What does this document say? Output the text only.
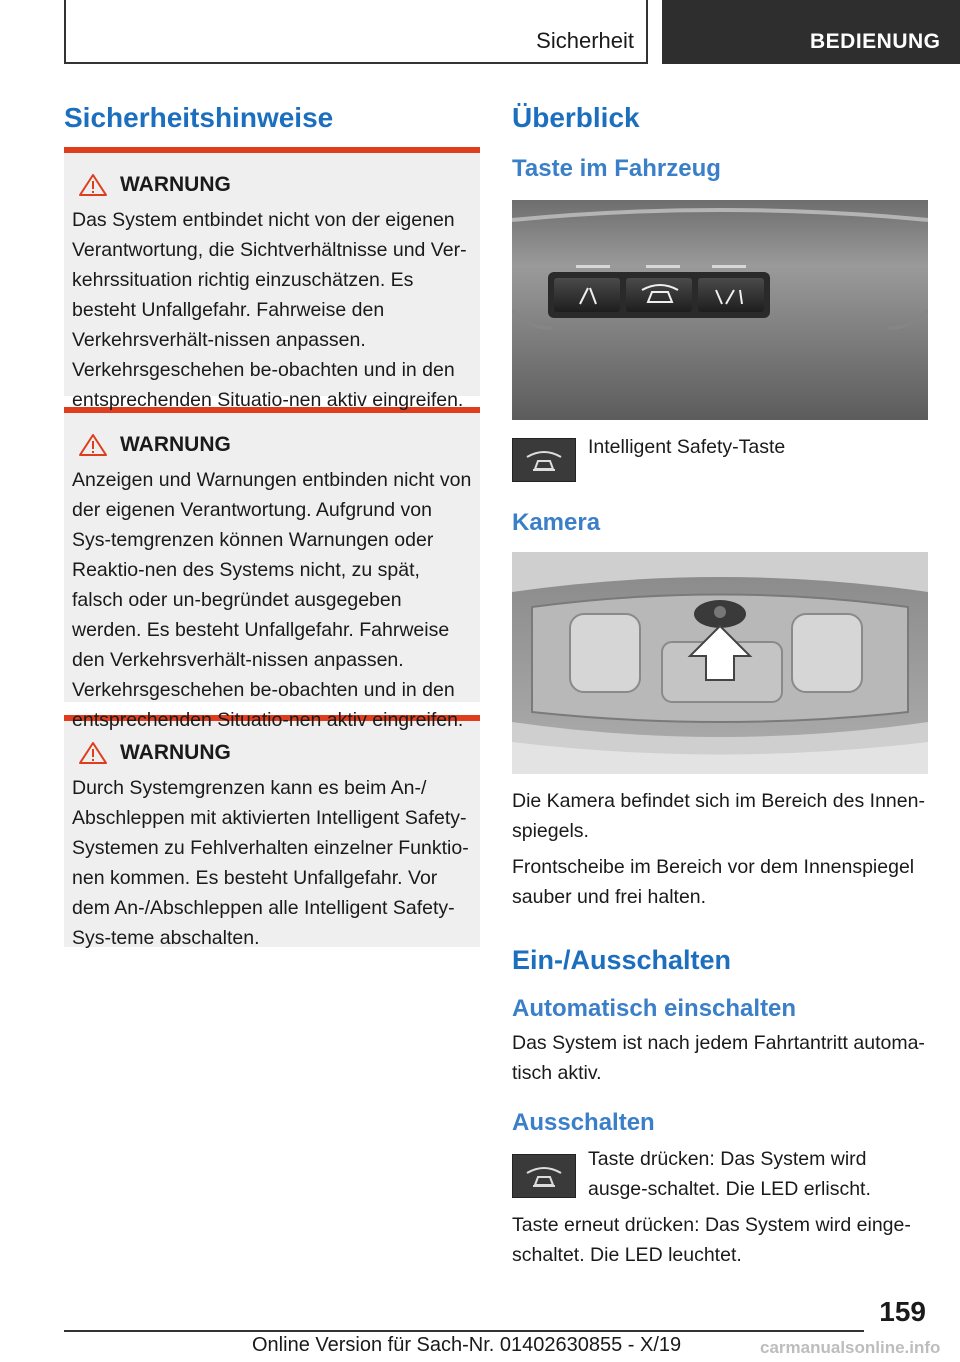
Sicherheit	BEDIENUNG
Sicherheitshinweise
WARNUNG
Das System entbindet nicht von der eigenen Verantwortung, die Sichtverhältnisse und Ver-kehrssituation richtig einzuschätzen. Es besteht Unfallgefahr. Fahrweise den Verkehrsverhält-nissen anpassen. Verkehrsgeschehen be-obachten und in den entsprechenden Situatio-nen aktiv eingreifen.
WARNUNG
Anzeigen und Warnungen entbinden nicht von der eigenen Verantwortung. Aufgrund von Sys-temgrenzen können Warnungen oder Reaktio-nen des Systems nicht, zu spät, falsch oder un-begründet ausgegeben werden. Es besteht Unfallgefahr. Fahrweise den Verkehrsverhält-nissen anpassen. Verkehrsgeschehen be-obachten und in den entsprechenden Situatio-nen aktiv eingreifen.
WARNUNG
Durch Systemgrenzen kann es beim An-/ Abschleppen mit aktivierten Intelligent Safety-Systemen zu Fehlverhalten einzelner Funktio-nen kommen. Es besteht Unfallgefahr. Vor dem An-/Abschleppen alle Intelligent Safety-Sys-teme abschalten.
Überblick
Taste im Fahrzeug
Intelligent Safety-Taste
Kamera

Die Kamera befindet sich im Bereich des Innen-spiegels.

Frontscheibe im Bereich vor dem Innenspiegel sauber und frei halten.

Ein-/Ausschalten
Automatisch einschalten

Das System ist nach jedem Fahrtantritt automa-tisch aktiv.

Ausschalten

Taste drücken: Das System wird ausge-schaltet. Die LED erlischt.

Taste erneut drücken: Das System wird einge-schaltet. Die LED leuchtet.

159
Online Version für Sach-Nr. 01402630855 - X/19	carmanualsonline.info
